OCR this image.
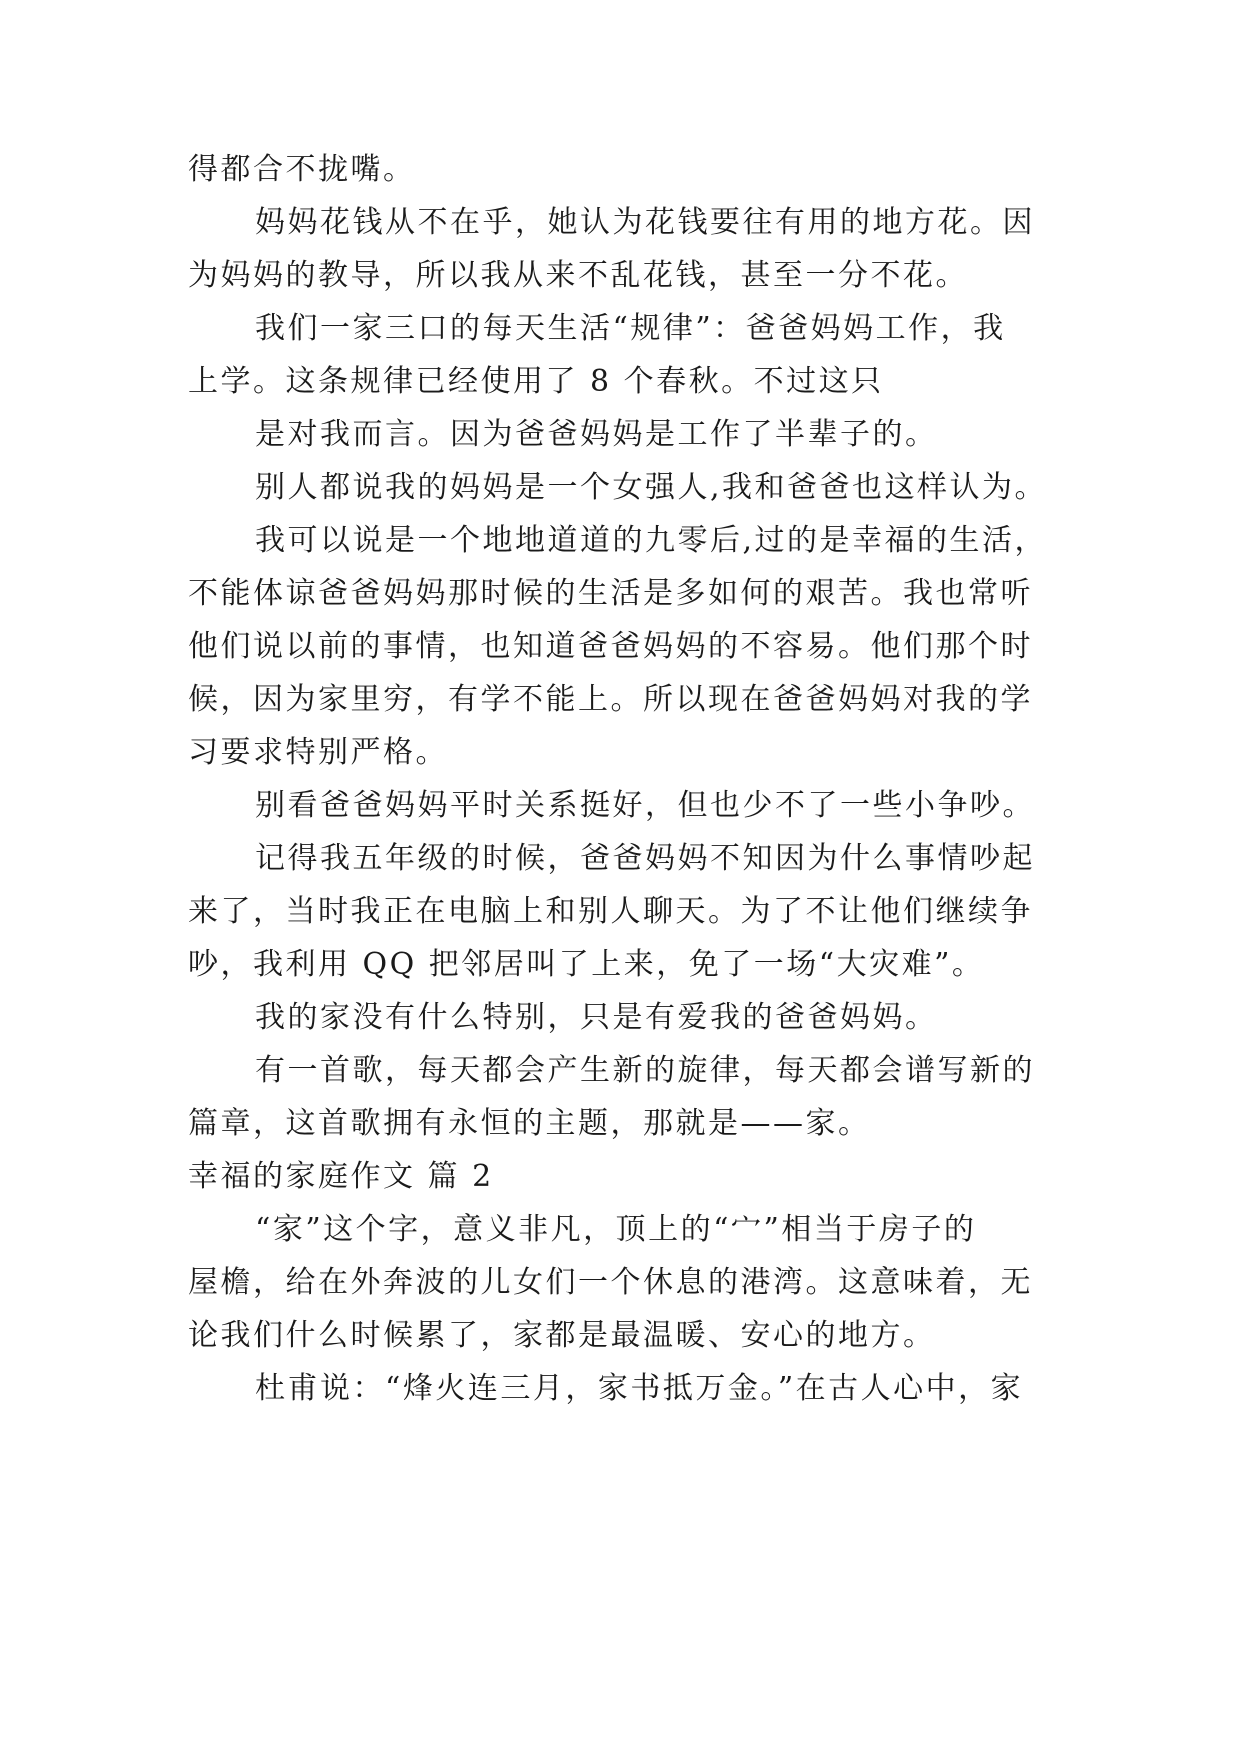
得都合不拢嘴。
妈妈花钱从不在乎，她认为花钱要往有用的地方花。因
为妈妈的教导，所以我从来不乱花钱，甚至一分不花。
我们一家三口的每天生活“规律”：爸爸妈妈工作，我
上学。这条规律已经使用了 8 个春秋。不过这只
是对我而言。因为爸爸妈妈是工作了半辈子的。
别人都说我的妈妈是一个女强人,我和爸爸也这样认为。
我可以说是一个地地道道的九零后,过的是幸福的生活，
不能体谅爸爸妈妈那时候的生活是多如何的艰苦。我也常听
他们说以前的事情，也知道爸爸妈妈的不容易。他们那个时
候，因为家里穷，有学不能上。所以现在爸爸妈妈对我的学
习要求特别严格。
别看爸爸妈妈平时关系挺好，但也少不了一些小争吵。
记得我五年级的时候，爸爸妈妈不知因为什么事情吵起
来了，当时我正在电脑上和别人聊天。为了不让他们继续争
吵，我利用 QQ 把邻居叫了上来，免了一场“大灾难”。
我的家没有什么特别，只是有爱我的爸爸妈妈。
有一首歌，每天都会产生新的旋律，每天都会谱写新的
篇章，这首歌拥有永恒的主题，那就是——家。
幸福的家庭作文 篇 2
“家”这个字，意义非凡，顶上的“宀”相当于房子的
屋檐，给在外奔波的儿女们一个休息的港湾。这意味着，无
论我们什么时候累了，家都是最温暖、安心的地方。
杜甫说：“烽火连三月，家书抵万金。”在古人心中，家
